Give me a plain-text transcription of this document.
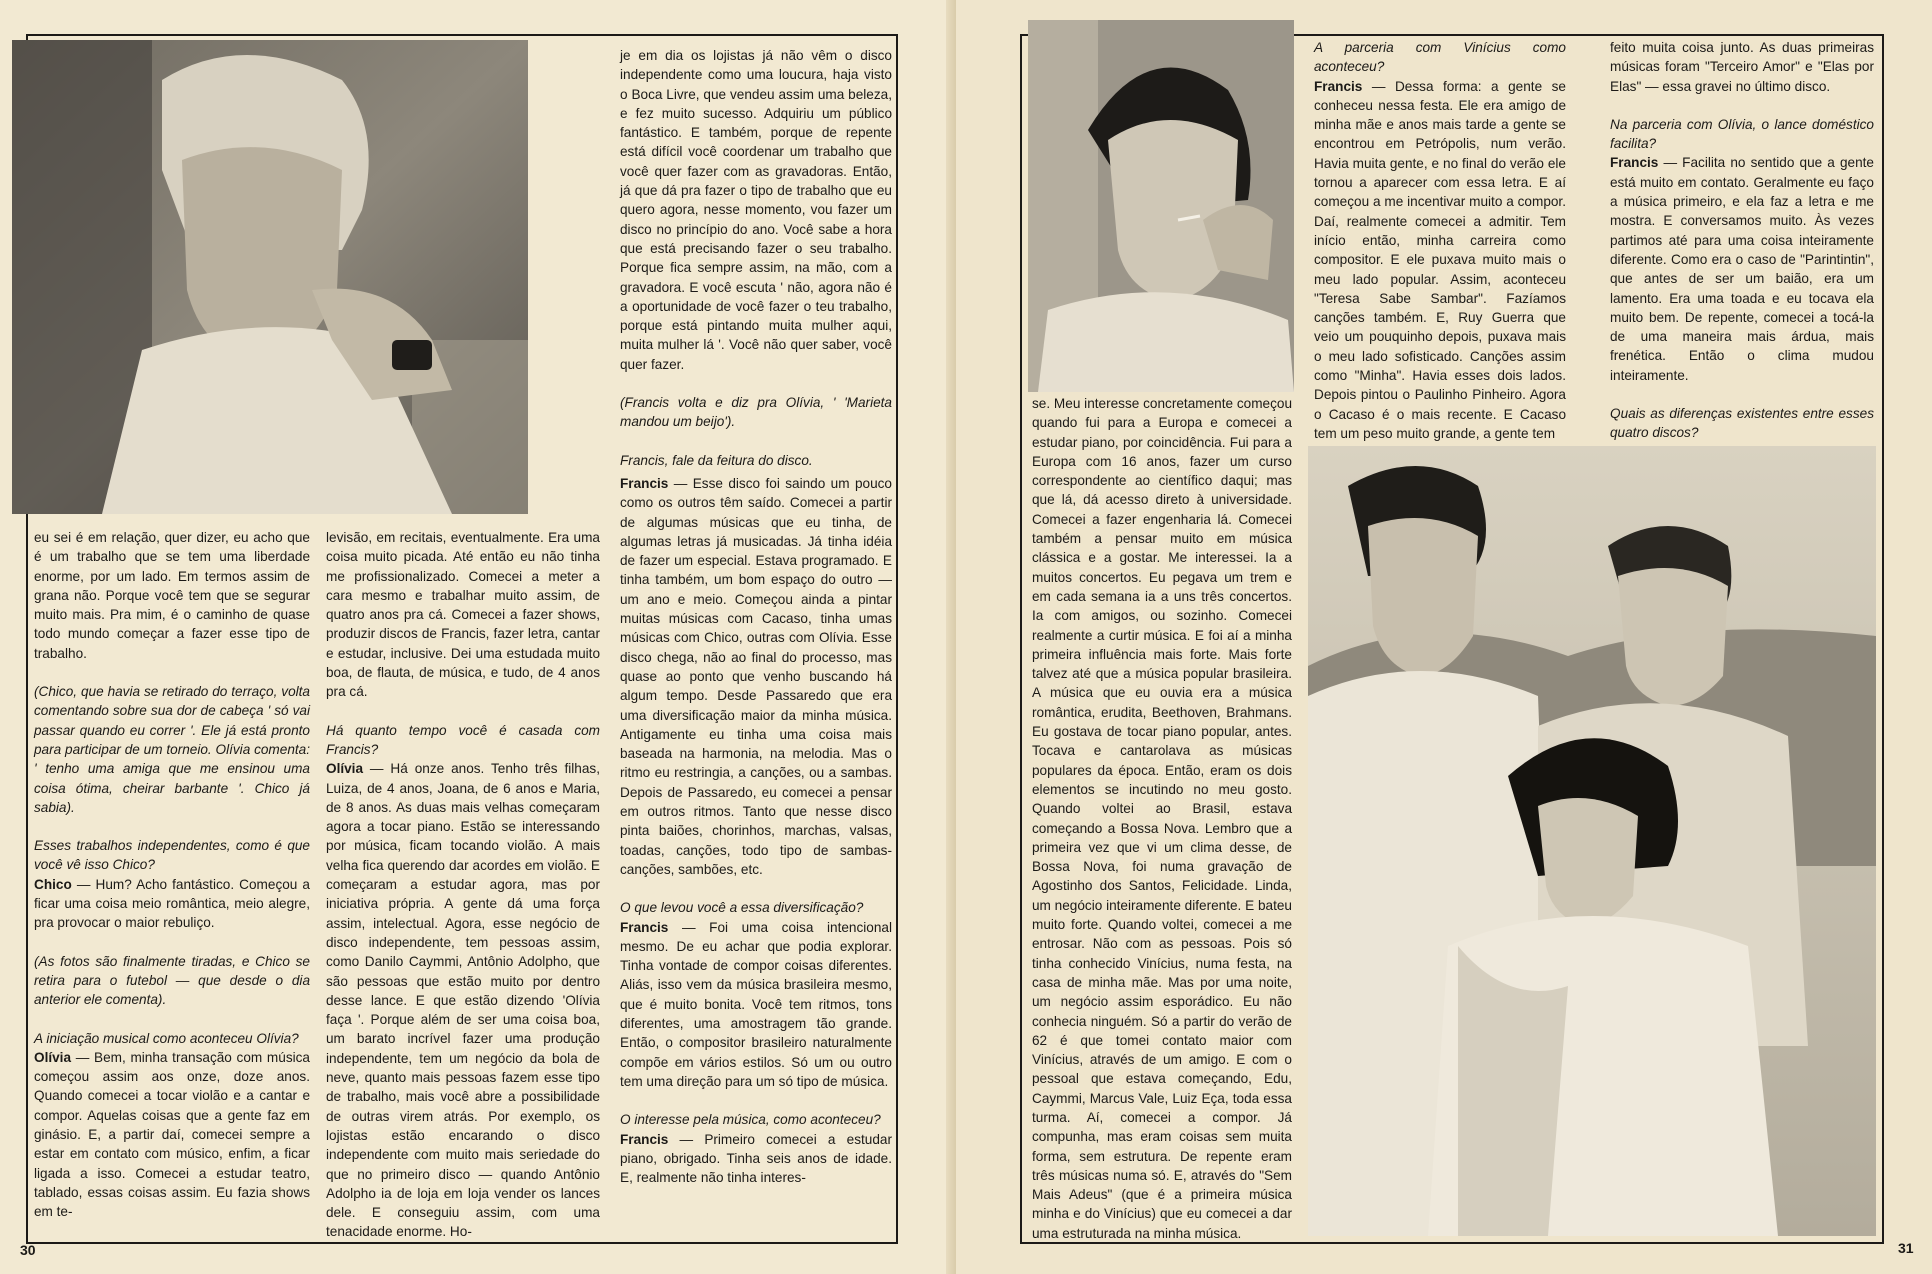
je em dia os lojistas já não vêm o disco independente como uma loucura, haja visto o Boca Livre, que vendeu assim uma beleza, e fez muito sucesso. Adquiriu um público fantástico. E também, porque de repente está difícil você coordenar um trabalho que você quer fazer com as gravadoras. Então, já que dá pra fazer o tipo de trabalho que eu quero agora, nesse momento, vou fazer um disco no princípio do ano. Você sabe a hora que está precisando fazer o seu trabalho. Porque fica sempre assim, na mão, com a gravadora. E você escuta ' não, agora não é a oportunidade de você fazer o teu trabalho, porque está pintando muita mulher aqui, muita mulher lá '. Você não quer saber, você quer fazer.

(Francis volta e diz pra Olívia, ' 'Marieta mandou um beijo').

Francis, fale da feitura do disco.

eu sei é em relação, quer dizer, eu acho que é um trabalho que se tem uma liberdade enorme, por um lado. Em termos assim de grana não. Porque você tem que se segurar muito mais. Pra mim, é o caminho de quase todo mundo começar a fazer esse tipo de trabalho.

(Chico, que havia se retirado do terraço, volta comentando sobre sua dor de cabeça ' só vai passar quando eu correr '. Ele já está pronto para participar de um torneio. Olívia comenta: ' tenho uma amiga que me ensinou uma coisa ótima, cheirar barbante '. Chico já sabia).

Esses trabalhos independentes, como é que você vê isso Chico?

Chico — Hum? Acho fantástico. Começou a ficar uma coisa meio romântica, meio alegre, pra provocar o maior rebuliço.

(As fotos são finalmente tiradas, e Chico se retira para o futebol — que desde o dia anterior ele comenta).

A iniciação musical como aconteceu Olívia?

Olívia — Bem, minha transação com música começou assim aos onze, doze anos. Quando comecei a tocar violão e a cantar e compor. Aquelas coisas que a gente faz em ginásio. E, a partir daí, comecei sempre a estar em contato com músico, enfim, a ficar ligada a isso. Comecei a estudar teatro, tablado, essas coisas assim. Eu fazia shows em te-

levisão, em recitais, eventualmente. Era uma coisa muito picada. Até então eu não tinha me profissionalizado. Comecei a meter a cara mesmo e trabalhar muito assim, de quatro anos pra cá. Comecei a fazer shows, produzir discos de Francis, fazer letra, cantar e estudar, inclusive. Dei uma estudada muito boa, de flauta, de música, e tudo, de 4 anos pra cá.

Há quanto tempo você é casada com Francis?

Olívia — Há onze anos. Tenho três filhas, Luiza, de 4 anos, Joana, de 6 anos e Maria, de 8 anos. As duas mais velhas começaram agora a tocar piano. Estão se interessando por música, ficam tocando violão. A mais velha fica querendo dar acordes em violão. E começaram a estudar agora, mas por iniciativa própria. A gente dá uma força assim, intelectual. Agora, esse negócio de disco independente, tem pessoas assim, como Danilo Caymmi, Antônio Adolpho, que são pessoas que estão muito por dentro desse lance. E que estão dizendo 'Olívia faça '. Porque além de ser uma coisa boa, um barato incrível fazer uma produção independente, tem um negócio da bola de neve, quanto mais pessoas fazem esse tipo de trabalho, mais você abre a possibilidade de outras virem atrás. Por exemplo, os lojistas estão encarando o disco independente com muito mais seriedade do que no primeiro disco — quando Antônio Adolpho ia de loja em loja vender os lances dele. E conseguiu assim, com uma tenacidade enorme. Ho-

Francis — Esse disco foi saindo um pouco como os outros têm saído. Comecei a partir de algumas músicas que eu tinha, de algumas letras já musicadas. Já tinha idéia de fazer um especial. Estava programado. E tinha também, um bom espaço do outro — um ano e meio. Começou ainda a pintar muitas músicas com Cacaso, tinha umas músicas com Chico, outras com Olívia. Esse disco chega, não ao final do processo, mas quase ao ponto que venho buscando há algum tempo. Desde Passaredo que era uma diversificação maior da minha música. Antigamente eu tinha uma coisa mais baseada na harmonia, na melodia. Mas o ritmo eu restringia, a canções, ou a sambas. Depois de Passaredo, eu comecei a pensar em outros ritmos. Tanto que nesse disco pinta baiões, chorinhos, marchas, valsas, toadas, canções, todo tipo de sambas-canções, sambões, etc.

O que levou você a essa diversificação?

Francis — Foi uma coisa intencional mesmo. De eu achar que podia explorar. Tinha vontade de compor coisas diferentes. Aliás, isso vem da música brasileira mesmo, que é muito bonita. Você tem ritmos, tons diferentes, uma amostragem tão grande. Então, o compositor brasileiro naturalmente compõe em vários estilos. Só um ou outro tem uma direção para um só tipo de música.

O interesse pela música, como aconteceu?

Francis — Primeiro comecei a estudar piano, obrigado. Tinha seis anos de idade. E, realmente não tinha interes-

30

A parceria com Vinícius como aconteceu?

Francis — Dessa forma: a gente se conheceu nessa festa. Ele era amigo de minha mãe e anos mais tarde a gente se encontrou em Petrópolis, num verão. Havia muita gente, e no final do verão ele tornou a aparecer com essa letra. E aí começou a me incentivar muito a compor. Daí, realmente comecei a admitir. Tem início então, minha carreira como compositor. E ele puxava muito mais o meu lado popular. Assim, aconteceu "Teresa Sabe Sambar". Fazíamos canções também. E, Ruy Guerra que veio um pouquinho depois, puxava mais o meu lado sofisticado. Canções assim como "Minha". Havia esses dois lados. Depois pintou o Paulinho Pinheiro. Agora o Cacaso é o mais recente. E Cacaso tem um peso muito grande, a gente tem

feito muita coisa junto. As duas primeiras músicas foram "Terceiro Amor" e "Elas por Elas" — essa gravei no último disco.

Na parceria com Olívia, o lance doméstico facilita?

Francis — Facilita no sentido que a gente está muito em contato. Geralmente eu faço a música primeiro, e ela faz a letra e me mostra. E conversamos muito. Às vezes partimos até para uma coisa inteiramente diferente. Como era o caso de "Parintintin", que antes de ser um baião, era um lamento. Era uma toada e eu tocava ela muito bem. De repente, comecei a tocá-la de uma maneira mais árdua, mais frenética. Então o clima mudou inteiramente.

Quais as diferenças existentes entre esses quatro discos?

se. Meu interesse concretamente começou quando fui para a Europa e comecei a estudar piano, por coincidência. Fui para a Europa com 16 anos, fazer um curso correspondente ao científico daqui; mas que lá, dá acesso direto à universidade. Comecei a fazer engenharia lá. Comecei também a pensar muito em música clássica e a gostar. Me interessei. Ia a muitos concertos. Eu pegava um trem e em cada semana ia a uns três concertos. Ia com amigos, ou sozinho. Comecei realmente a curtir música. E foi aí a minha primeira influência mais forte. Mais forte talvez até que a música popular brasileira. A música que eu ouvia era a música romântica, erudita, Beethoven, Brahmans. Eu gostava de tocar piano popular, antes. Tocava e cantarolava as músicas populares da época. Então, eram os dois elementos se incutindo no meu gosto. Quando voltei ao Brasil, estava começando a Bossa Nova. Lembro que a primeira vez que vi um clima desse, de Bossa Nova, foi numa gravação de Agostinho dos Santos, Felicidade. Linda, um negócio inteiramente diferente. E bateu muito forte. Quando voltei, comecei a me entrosar. Não com as pessoas. Pois só tinha conhecido Vinícius, numa festa, na casa de minha mãe. Mas por uma noite, um negócio assim esporádico. Eu não conhecia ninguém. Só a partir do verão de 62 é que tomei contato maior com Vinícius, através de um amigo. E com o pessoal que estava começando, Edu, Caymmi, Marcus Vale, Luiz Eça, toda essa turma. Aí, comecei a compor. Já compunha, mas eram coisas sem muita forma, sem estrutura. De repente eram três músicas numa só. E, através do "Sem Mais Adeus" (que é a primeira música minha e do Vinícius) que eu comecei a dar uma estruturada na minha música.

31
